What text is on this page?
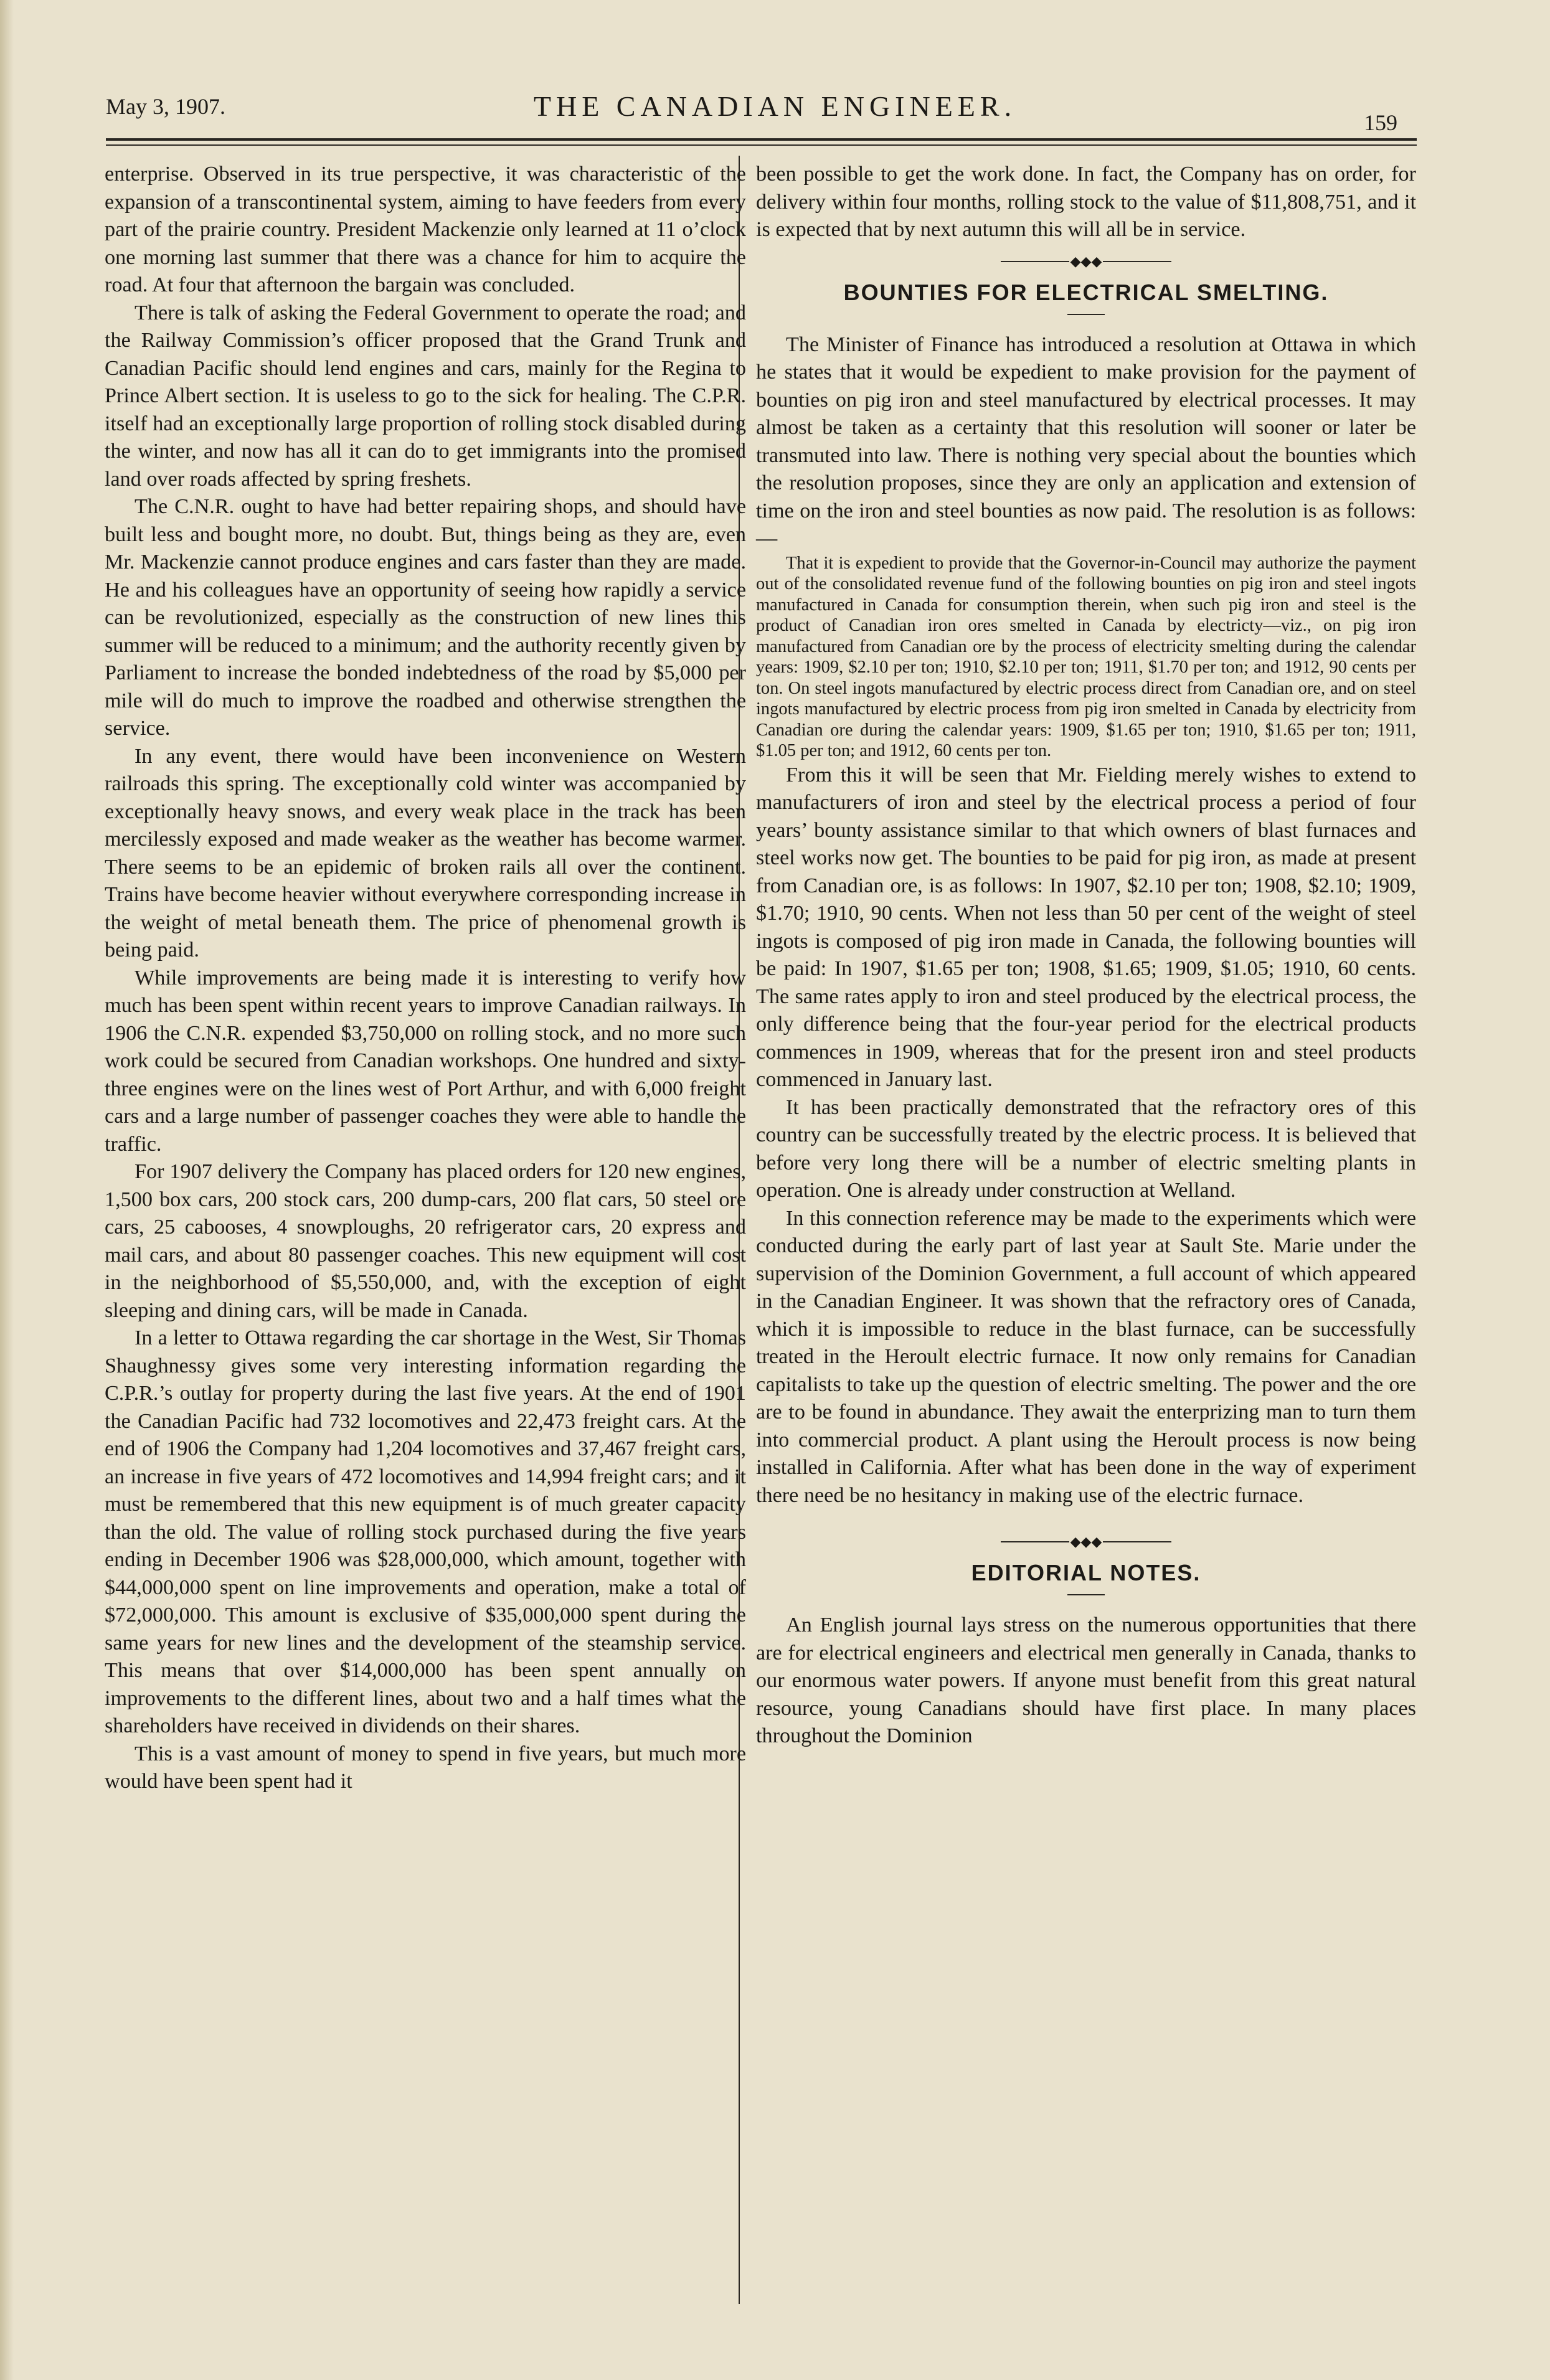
May 3, 1907.	THE CANADIAN ENGINEER.
159

enterprise. Observed in its true perspective, it was characteristic of the expansion of a transcontinental system, aiming to have feeders from every part of the prairie country. President Mackenzie only learned at 11 o’clock one morning last summer that there was a chance for him to acquire the road. At four that afternoon the bargain was concluded.

There is talk of asking the Federal Government to operate the road; and the Railway Commission’s officer proposed that the Grand Trunk and Canadian Pacific should lend engines and cars, mainly for the Regina to Prince Albert section. It is useless to go to the sick for healing. The C.P.R. itself had an exceptionally large proportion of rolling stock disabled during the winter, and now has all it can do to get immigrants into the promised land over roads affected by spring freshets.

The C.N.R. ought to have had better repairing shops, and should have built less and bought more, no doubt. But, things being as they are, even Mr. Mackenzie cannot produce engines and cars faster than they are made. He and his colleagues have an opportunity of seeing how rapidly a service can be revolutionized, especially as the construction of new lines this summer will be reduced to a minimum; and the authority recently given by Parliament to increase the bonded indebtedness of the road by $5,000 per mile will do much to improve the roadbed and otherwise strengthen the service.

In any event, there would have been inconvenience on Western railroads this spring. The exceptionally cold winter was accompanied by exceptionally heavy snows, and every weak place in the track has been mercilessly exposed and made weaker as the weather has become warmer. There seems to be an epidemic of broken rails all over the continent. Trains have become heavier without everywhere corresponding increase in the weight of metal beneath them. The price of phenomenal growth is being paid.

While improvements are being made it is interesting to verify how much has been spent within recent years to improve Canadian railways. In 1906 the C.N.R. expended $3,750,000 on rolling stock, and no more such work could be secured from Canadian workshops. One hundred and sixty-three engines were on the lines west of Port Arthur, and with 6,000 freight cars and a large number of passenger coaches they were able to handle the traffic.

For 1907 delivery the Company has placed orders for 120 new engines, 1,500 box cars, 200 stock cars, 200 dump-cars, 200 flat cars, 50 steel ore cars, 25 cabooses, 4 snowploughs, 20 refrigerator cars, 20 express and mail cars, and about 80 passenger coaches. This new equipment will cost in the neighborhood of $5,550,000, and, with the exception of eight sleeping and dining cars, will be made in Canada.

In a letter to Ottawa regarding the car shortage in the West, Sir Thomas Shaughnessy gives some very interesting information regarding the C.P.R.’s outlay for property during the last five years. At the end of 1901 the Canadian Pacific had 732 locomotives and 22,473 freight cars. At the end of 1906 the Company had 1,204 locomotives and 37,467 freight cars, an increase in five years of 472 locomotives and 14,994 freight cars; and it must be remembered that this new equipment is of much greater capacity than the old. The value of rolling stock purchased during the five years ending in December 1906 was $28,000,000, which amount, together with $44,000,000 spent on line improvements and operation, make a total of $72,000,000. This amount is exclusive of $35,000,000 spent during the same years for new lines and the development of the steamship service. This means that over $14,000,000 has been spent annually on improvements to the different lines, about two and a half times what the shareholders have received in dividends on their shares.

This is a vast amount of money to spend in five years, but much more would have been spent had it

been possible to get the work done. In fact, the Company has on order, for delivery within four months, rolling stock to the value of $11,808,751, and it is expected that by next autumn this will all be in service.

◆◆◆
BOUNTIES FOR ELECTRICAL SMELTING.

The Minister of Finance has introduced a resolution at Ottawa in which he states that it would be expedient to make provision for the payment of bounties on pig iron and steel manufactured by electrical processes. It may almost be taken as a certainty that this resolution will sooner or later be transmuted into law. There is nothing very special about the bounties which the resolution proposes, since they are only an application and extension of time on the iron and steel bounties as now paid. The resolution is as follows:—

That it is expedient to provide that the Governor-in-Council may authorize the payment out of the consolidated revenue fund of the following bounties on pig iron and steel ingots manufactured in Canada for consumption therein, when such pig iron and steel is the product of Canadian iron ores smelted in Canada by electricty—viz., on pig iron manufactured from Canadian ore by the process of electricity smelting during the calendar years: 1909, $2.10 per ton; 1910, $2.10 per ton; 1911, $1.70 per ton; and 1912, 90 cents per ton. On steel ingots manufactured by electric process direct from Canadian ore, and on steel ingots manufactured by electric process from pig iron smelted in Canada by electricity from Canadian ore during the calendar years: 1909, $1.65 per ton; 1910, $1.65 per ton; 1911, $1.05 per ton; and 1912, 60 cents per ton.

From this it will be seen that Mr. Fielding merely wishes to extend to manufacturers of iron and steel by the electrical process a period of four years’ bounty assistance similar to that which owners of blast furnaces and steel works now get. The bounties to be paid for pig iron, as made at present from Canadian ore, is as follows: In 1907, $2.10 per ton; 1908, $2.10; 1909, $1.70; 1910, 90 cents. When not less than 50 per cent of the weight of steel ingots is composed of pig iron made in Canada, the following bounties will be paid: In 1907, $1.65 per ton; 1908, $1.65; 1909, $1.05; 1910, 60 cents. The same rates apply to iron and steel produced by the electrical process, the only difference being that the four-year period for the electrical products commences in 1909, whereas that for the present iron and steel products commenced in January last.

It has been practically demonstrated that the refractory ores of this country can be successfully treated by the electric process. It is believed that before very long there will be a number of electric smelting plants in operation. One is already under construction at Welland.

In this connection reference may be made to the experiments which were conducted during the early part of last year at Sault Ste. Marie under the supervision of the Dominion Government, a full account of which appeared in the Canadian Engineer. It was shown that the refractory ores of Canada, which it is impossible to reduce in the blast furnace, can be successfully treated in the Heroult electric furnace. It now only remains for Canadian capitalists to take up the question of electric smelting. The power and the ore are to be found in abundance. They await the enterprizing man to turn them into commercial product. A plant using the Heroult process is now being installed in California. After what has been done in the way of experiment there need be no hesitancy in making use of the electric furnace.

◆◆◆
EDITORIAL NOTES.

An English journal lays stress on the numerous opportunities that there are for electrical engineers and electrical men generally in Canada, thanks to our enormous water powers. If anyone must benefit from this great natural resource, young Canadians should have first place. In many places throughout the Dominion
